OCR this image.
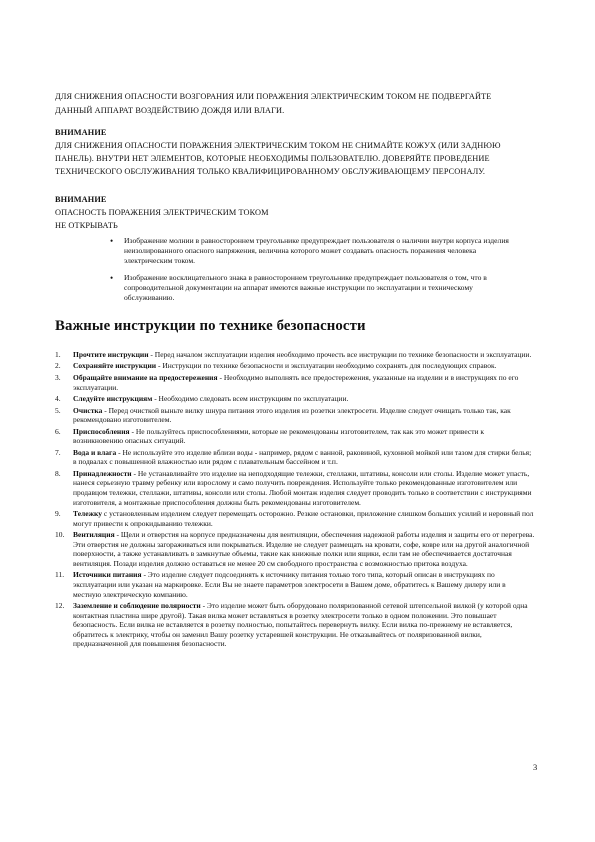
ДЛЯ СНИЖЕНИЯ ОПАСНОСТИ ВОЗГОРАНИЯ ИЛИ ПОРАЖЕНИЯ ЭЛЕКТРИЧЕСКИМ ТОКОМ НЕ ПОДВЕРГАЙТЕ ДАННЫЙ АППАРАТ ВОЗДЕЙСТВИЮ ДОЖДЯ ИЛИ ВЛАГИ.
ВНИМАНИЕ
ДЛЯ СНИЖЕНИЯ ОПАСНОСТИ ПОРАЖЕНИЯ ЭЛЕКТРИЧЕСКИМ ТОКОМ НЕ СНИМАЙТЕ КОЖУХ (ИЛИ ЗАДНЮЮ ПАНЕЛЬ). ВНУТРИ НЕТ ЭЛЕМЕНТОВ, КОТОРЫЕ НЕОБХОДИМЫ ПОЛЬЗОВАТЕЛЮ. ДОВЕРЯЙТЕ ПРОВЕДЕНИЕ ТЕХНИЧЕСКОГО ОБСЛУЖИВАНИЯ ТОЛЬКО КВАЛИФИЦИРОВАННОМУ ОБСЛУЖИВАЮЩЕМУ ПЕРСОНАЛУ.
ВНИМАНИЕ
ОПАСНОСТЬ ПОРАЖЕНИЯ ЭЛЕКТРИЧЕСКИМ ТОКОМ
НЕ ОТКРЫВАТЬ
• Изображение молнии в равностороннем треугольнике предупреждает пользователя о наличии внутри корпуса изделия неизолированного опасного напряжения, величина которого может создавать опасность поражения человека электрическим током.
• Изображение восклицательного знака в равностороннем треугольнике предупреждает пользователя о том, что в сопроводительной документации на аппарат имеются важные инструкции по эксплуатации и техническому обслуживанию.
Важные инструкции по технике безопасности
1. Прочтите инструкции - Перед началом эксплуатации изделия необходимо прочесть все инструкции по технике безопасности и эксплуатации.
2. Сохраняйте инструкции - Инструкции по технике безопасности и эксплуатации необходимо сохранять для последующих справок.
3. Обращайте внимание на предостережения - Необходимо выполнять все предостережения, указанные на изделии и в инструкциях по его эксплуатации.
4. Следуйте инструкциям - Необходимо следовать всем инструкциям по эксплуатации.
5. Очистка - Перед очисткой выньте вилку шнура питания этого изделия из розетки электросети. Изделие следует очищать только так, как рекомендовано изготовителем.
6. Приспособления - Не пользуйтесь приспособлениями, которые не рекомендованы изготовителем, так как это может привести к возникновению опасных ситуаций.
7. Вода и влага - Не используйте это изделие вблизи воды - например, рядом с ванной, раковиной, кухонной мойкой или тазом для стирки белья; в подвалах с повышенной влажностью или рядом с плавательным бассейном и т.п.
8. Принадлежности - Не устанавливайте это изделие на неподходящие тележки, стеллажи, штативы, консоли или столы. Изделие может упасть, нанеся серьезную травму ребенку или взрослому и само получить повреждения. Используйте только рекомендованные изготовителем или продавцом тележки, стеллажи, штативы, консоли или столы. Любой монтаж изделия следует проводить только в соответствии с инструкциями изготовителя, а монтажные приспособления должны быть рекомендованы изготовителем.
9. Тележку с установленным изделием следует перемещать осторожно. Резкие остановки, приложение слишком больших усилий и неровный пол могут привести к опрокидыванию тележки.
10. Вентиляция - Щели и отверстия на корпусе предназначены для вентиляции, обеспечения надежной работы изделия и защиты его от перегрева. Эти отверстия не должны загораживаться или покрываться. Изделие не следует размещать на кровати, софе, ковре или на другой аналогичной поверхности, а также устанавливать в замкнутые объемы, такие как книжные полки или ящики, если там не обеспечивается достаточная вентиляция. Позади изделия должно оставаться не менее 20 см свободного пространства с возможностью притока воздуха.
11. Источники питания - Это изделие следует подсоединять к источнику питания только того типа, который описан в инструкциях по эксплуатации или указан на маркировке. Если Вы не знаете параметров электросети в Вашем доме, обратитесь к Вашему дилеру или в местную электрическую компанию.
12. Заземление и соблюдение полярности - Это изделие может быть оборудовано поляризованной сетевой штепсельной вилкой (у которой одна контактная пластина шире другой). Такая вилка может вставляться в розетку электросети только в одном положении. Это повышает безопасность. Если вилка не вставляется в розетку полностью, попытайтесь перевернуть вилку. Если вилка по-прежнему не вставляется, обратитесь к электрику, чтобы он заменил Вашу розетку устаревшей конструкции. Не отказывайтесь от поляризованной вилки, предназначенной для повышения безопасности.
3
